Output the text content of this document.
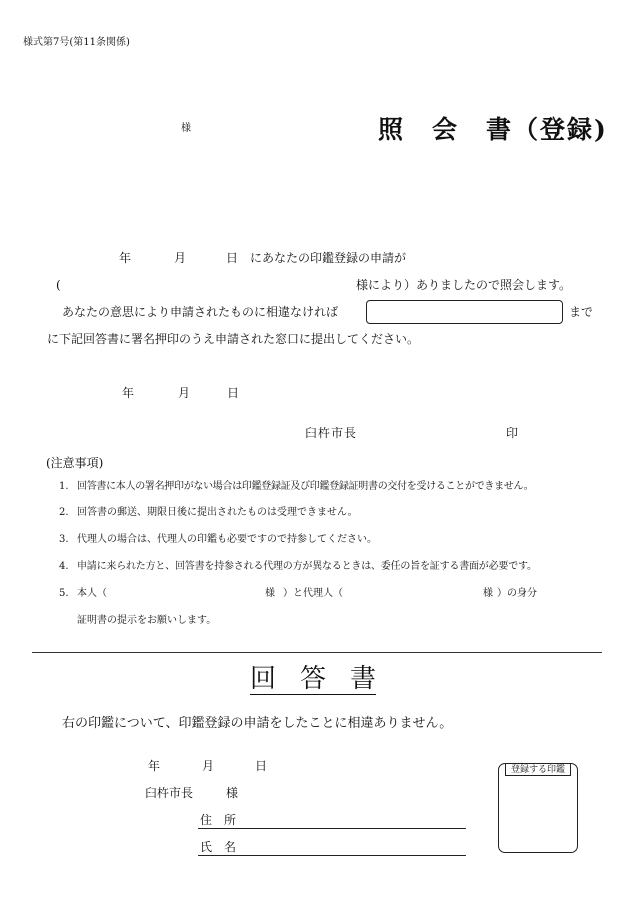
様式第7号(第11条関係)
様	照　会　書（登録)
年	月	日 にあなたの印鑑登録の申請が
(	様により）ありましたので照会します。
あなたの意思により申請されたものに相違なければ	まで
に下記回答書に署名押印のうえ申請された窓口に提出してください。
年	月	日
臼杵市長	印
(注意事項)
1. 回答書に本人の署名押印がない場合は印鑑登録証及び印鑑登録証明書の交付を受けることができません。
2. 回答書の郵送、期限日後に提出されたものは受理できません。
3. 代理人の場合は、代理人の印鑑も必要ですので持参してください。
4. 申請に来られた方と、回答書を持参される代理の方が異なるときは、委任の旨を証する書面が必要です。
5. 本人（	様 ）と代理人（	様 ）の身分
証明書の提示をお願いします。
回 答 書
右の印鑑について、印鑑登録の申請をしたことに相違ありません。
年	月	日
臼杵市長	様
住　所
氏　名
登録する印鑑
